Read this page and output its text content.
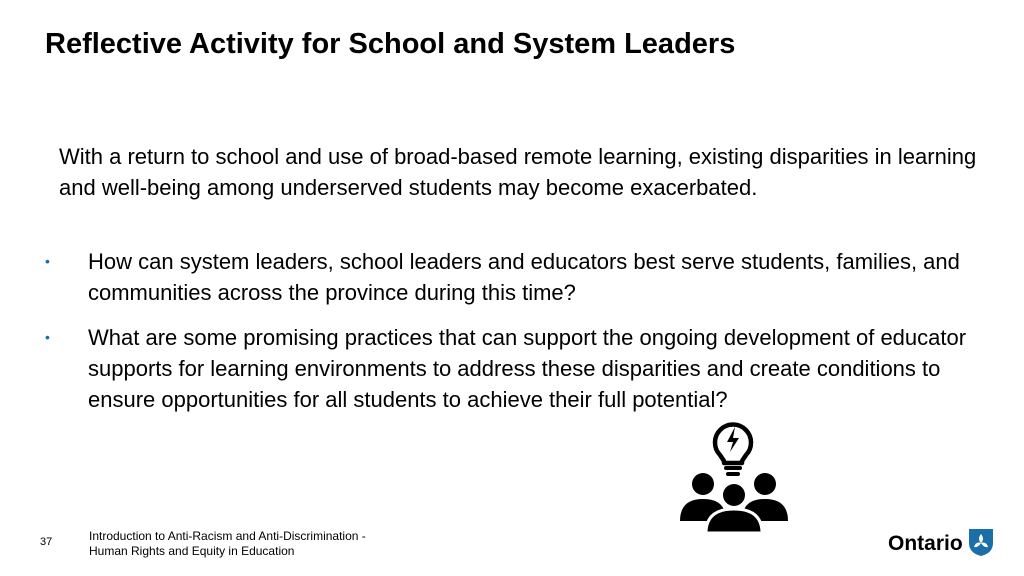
Reflective Activity for School and System Leaders

With a return to school and use of broad-based remote learning, existing disparities in learning and well-being among underserved students may become exacerbated.

• How can system leaders, school leaders and educators best serve students, families, and communities across the province during this time?
• What are some promising practices that can support the ongoing development of educator supports for learning environments to address these disparities and create conditions to ensure opportunities for all students to achieve their full potential?
37	Introduction to Anti-Racism and Anti-Discrimination -
Human Rights and Equity in Education	Ontario
